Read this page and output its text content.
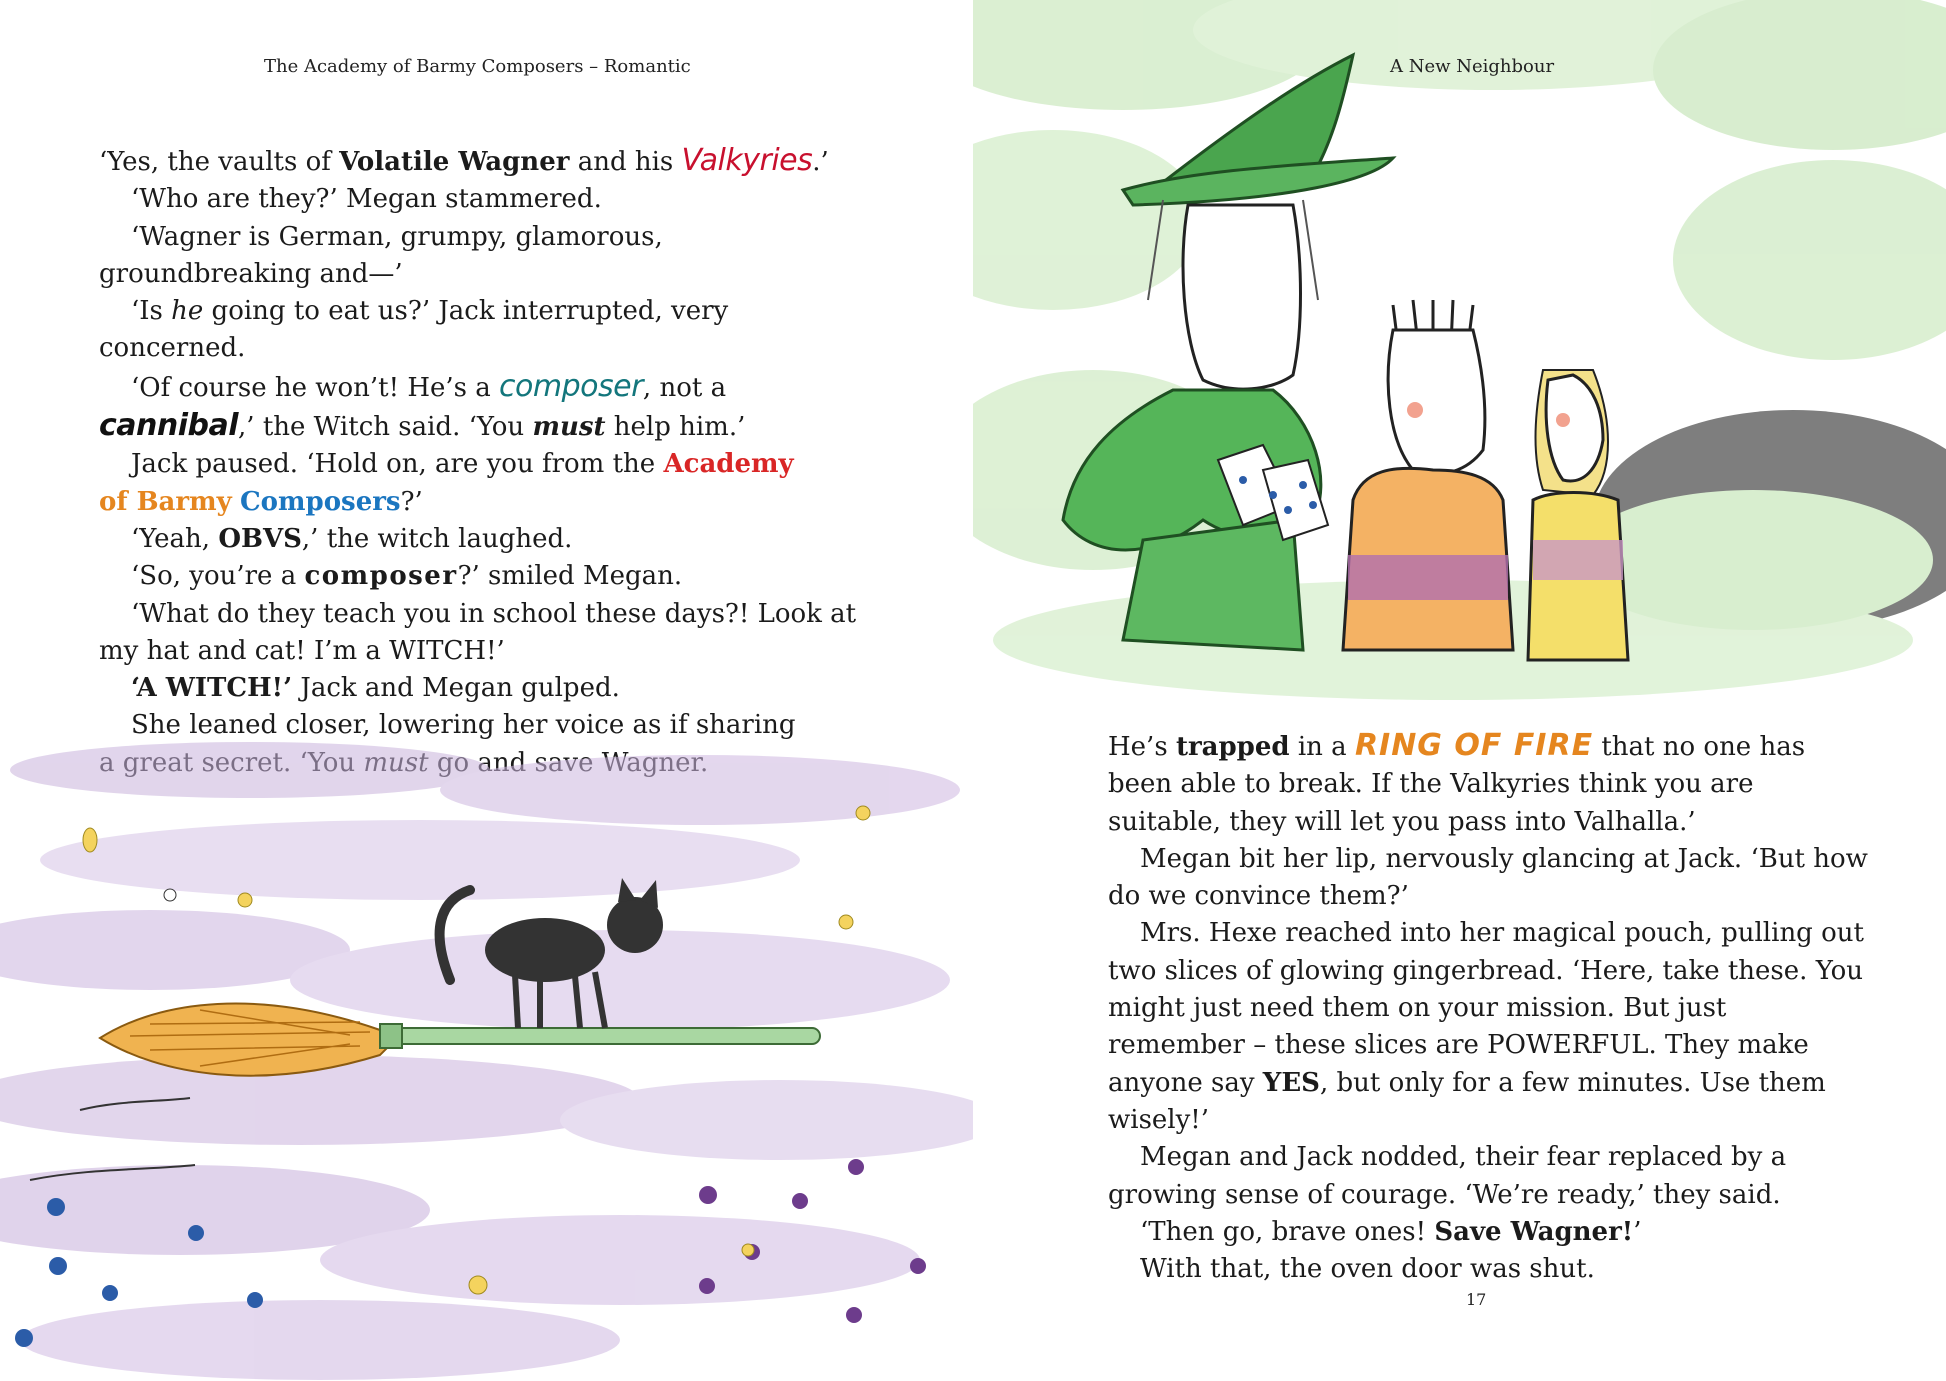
The Academy of Barmy Composers – Romantic

‘Yes, the vaults of Volatile Wagner and his Valkyries.’

‘Who are they?’ Megan stammered.

‘Wagner is German, grumpy, glamorous, groundbreaking and—’

‘Is he going to eat us?’ Jack interrupted, very concerned.

‘Of course he won’t! He’s a composer, not a cannibal,’ the Witch said. ‘You must help him.’

Jack paused. ‘Hold on, are you from the Academy
of Barmy Composers?’

‘Yeah, OBVS,’ the witch laughed.

‘So, you’re a composer?’ smiled Megan.

‘What do they teach you in school these days?! Look at my hat and cat! I’m a WITCH!’

‘A WITCH!’ Jack and Megan gulped.

She leaned closer, lowering her voice as if sharing and

A New Neighbour

He’s trapped in a RING OF FIRE that no one has been able to break. If the Valkyries think you are suitable, they will let you pass into Valhalla.’

Megan bit her lip, nervously glancing at Jack. ‘But how do we convince them?’

Mrs. Hexe reached into her magical pouch, pulling out two slices of glowing gingerbread. ‘Here, take these. You might just need them on your mission. But just remember – these slices are POWERFUL. They make anyone say YES, but only for a few minutes. Use them wisely!’

Megan and Jack nodded, their fear replaced by a growing sense of courage. ‘We’re ready,’ they said.

‘Then go, brave ones! Save Wagner!’

With that, the oven door was shut.

17
